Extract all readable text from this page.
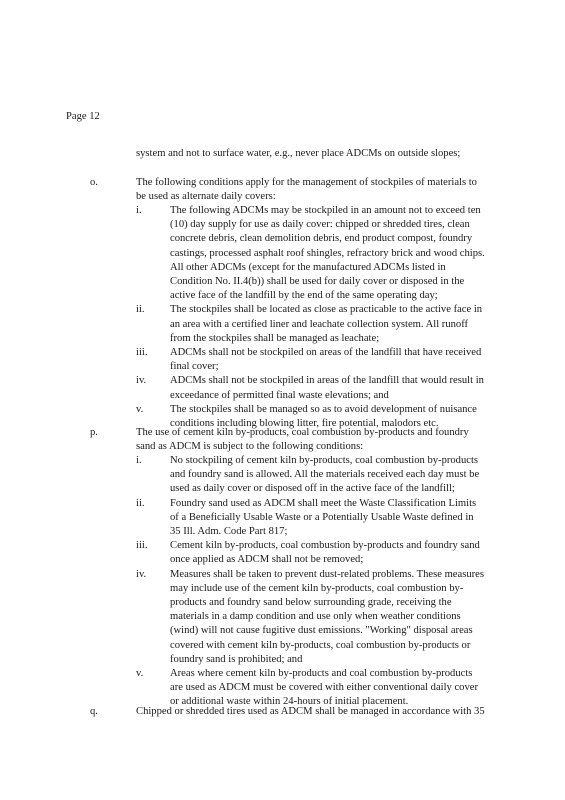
Page 12
system and not to surface water, e.g., never place ADCMs on outside slopes;
o.	The following conditions apply for the management of stockpiles of materials to
be used as alternate daily covers:
i.	The following ADCMs may be stockpiled in an amount not to exceed ten
(10) day supply for use as daily cover: chipped or shredded tires, clean
concrete debris, clean demolition debris, end product compost, foundry
castings, processed asphalt roof shingles, refractory brick and wood chips.
All other ADCMs (except for the manufactured ADCMs listed in
Condition No. II.4(b)) shall be used for daily cover or disposed in the
active face of the landfill by the end of the same operating day;
ii. The stockpiles shall be located as close as practicable to the active face in
an area with a certified liner and leachate collection system. All runoff
from the stockpiles shall be managed as leachate;
iii. ADCMs shall not be stockpiled on areas of the landfill that have received
final cover;
iv. ADCMs shall not be stockpiled in areas of the landfill that would result in
exceedance of permitted final waste elevations; and
v.	The stockpiles shall be managed so as to avoid development of nuisance
conditions including blowing litter, fire potential, malodors etc.
p.	The use of cement kiln by-products, coal combustion by-products and foundry
sand as ADCM is subject to the following conditions:
i.	No stockpiling of cement kiln by-products, coal combustion by-products
and foundry sand is allowed. All the materials received each day must be
used as daily cover or disposed off in the active face of the landfill;
ii. Foundry sand used as ADCM shall meet the Waste Classification Limits
of a Beneficially Usable Waste or a Potentially Usable Waste defined in
35 Ill. Adm. Code Part 817;
iii. Cement kiln by-products, coal combustion by-products and foundry sand
once applied as ADCM shall not be removed;
iv. Measures shall be taken to prevent dust-related problems. These measures
may include use of the cement kiln by-products, coal combustion by-
products and foundry sand below surrounding grade, receiving the
materials in a damp condition and use only when weather conditions
(wind) will not cause fugitive dust emissions. "Working" disposal areas
covered with cement kiln by-products, coal combustion by-products or
foundry sand is prohibited; and
v.	Areas where cement kiln by-products and coal combustion by-products
are used as ADCM must be covered with either conventional daily cover
or additional waste within 24-hours of initial placement.
q.	Chipped or shredded tires used as ADCM shall be managed in accordance with 35
